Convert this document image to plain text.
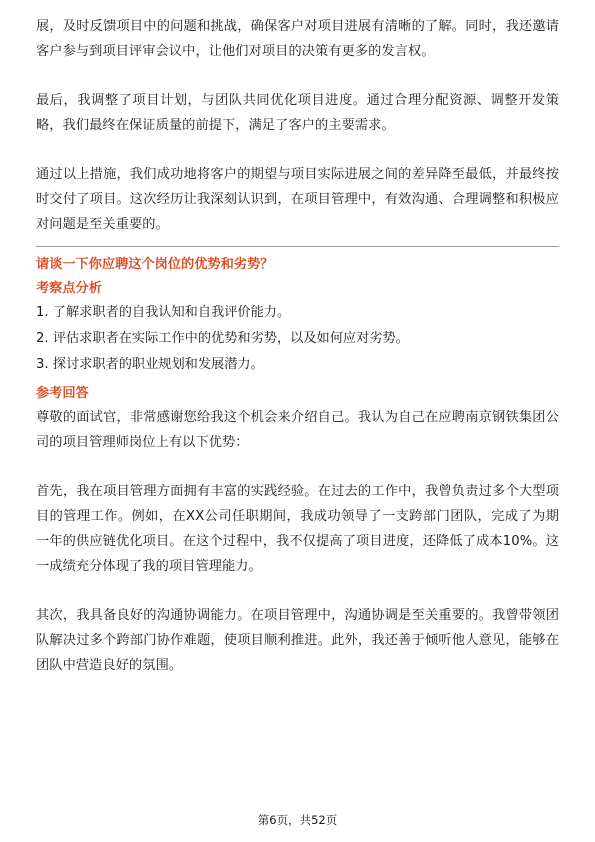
展，及时反馈项目中的问题和挑战，确保客户对项目进展有清晰的了解。同时，我还邀请客户参与到项目评审会议中，让他们对项目的决策有更多的发言权。

最后，我调整了项目计划，与团队共同优化项目进度。通过合理分配资源、调整开发策略，我们最终在保证质量的前提下，满足了客户的主要需求。

通过以上措施，我们成功地将客户的期望与项目实际进展之间的差异降至最低，并最终按时交付了项目。这次经历让我深刻认识到，在项目管理中，有效沟通、合理调整和积极应对问题是至关重要的。

请谈一下你应聘这个岗位的优势和劣势？

考察点分析

1. 了解求职者的自我认知和自我评价能力。

2. 评估求职者在实际工作中的优势和劣势，以及如何应对劣势。

3. 探讨求职者的职业规划和发展潜力。

参考回答

尊敬的面试官，非常感谢您给我这个机会来介绍自己。我认为自己在应聘南京钢铁集团公司的项目管理师岗位上有以下优势：

首先，我在项目管理方面拥有丰富的实践经验。在过去的工作中，我曾负责过多个大型项目的管理工作。例如，在XX公司任职期间，我成功领导了一支跨部门团队，完成了为期一年的供应链优化项目。在这个过程中，我不仅提高了项目进度，还降低了成本10%。这一成绩充分体现了我的项目管理能力。

其次，我具备良好的沟通协调能力。在项目管理中，沟通协调是至关重要的。我曾带领团队解决过多个跨部门协作难题，使项目顺利推进。此外，我还善于倾听他人意见，能够在团队中营造良好的氛围。

第6页，共52页
